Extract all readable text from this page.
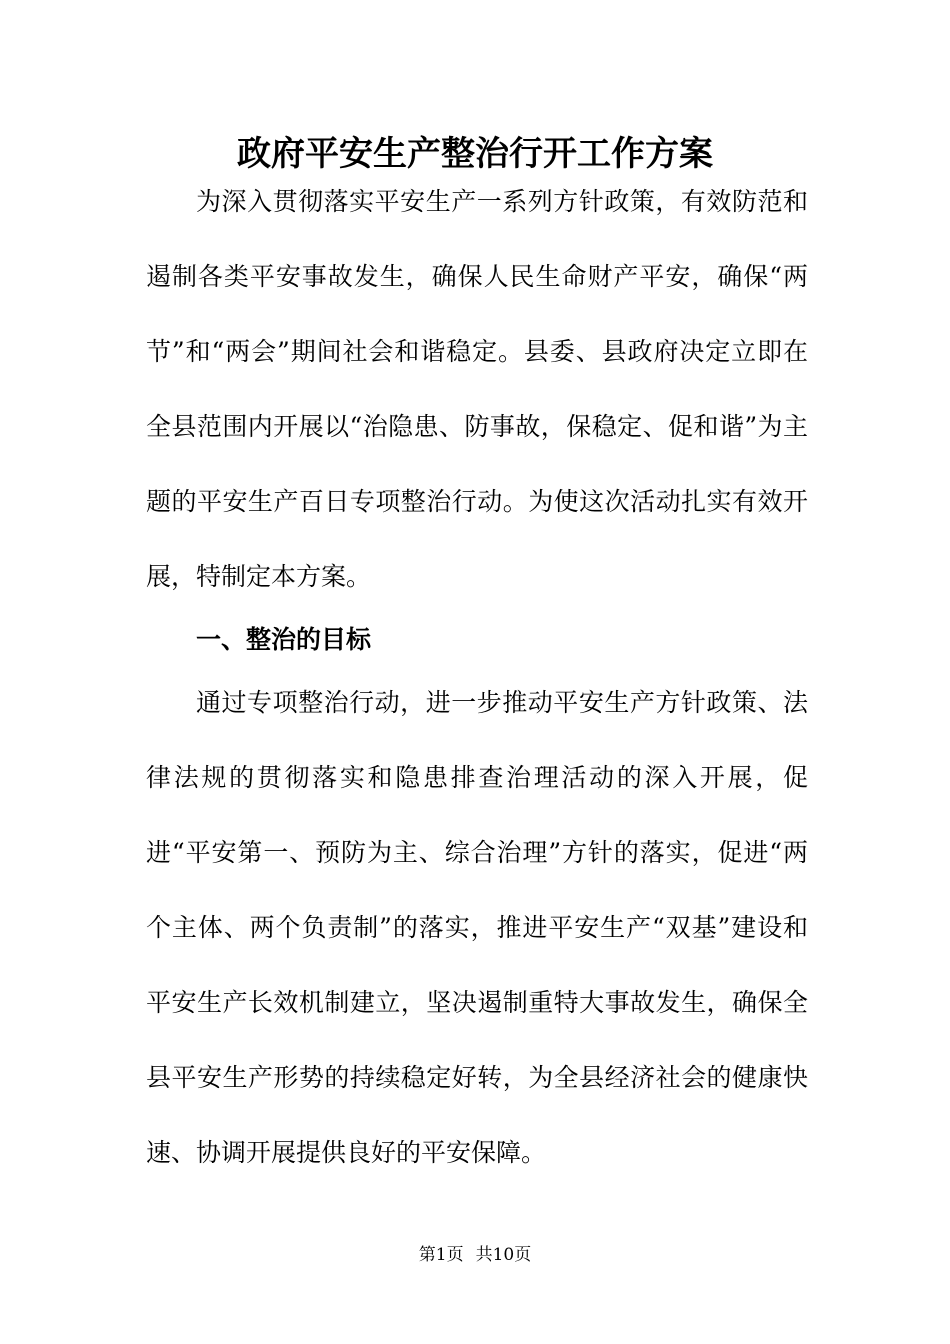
政府平安生产整治行开工作方案

为深入贯彻落实平安生产一系列方针政策，有效防范和遏制各类平安事故发生，确保人民生命财产平安，确保“两节”和“两会”期间社会和谐稳定。县委、县政府决定立即在全县范围内开展以“治隐患、防事故，保稳定、促和谐”为主题的平安生产百日专项整治行动。为使这次活动扎实有效开展，特制定本方案。

一、整治的目标

通过专项整治行动，进一步推动平安生产方针政策、法律法规的贯彻落实和隐患排查治理活动的深入开展，促进“平安第一、预防为主、综合治理”方针的落实，促进“两个主体、两个负责制”的落实，推进平安生产“双基”建设和平安生产长效机制建立，坚决遏制重特大事故发生，确保全县平安生产形势的持续稳定好转，为全县经济社会的健康快速、协调开展提供良好的平安保障。

第1页 共10页
